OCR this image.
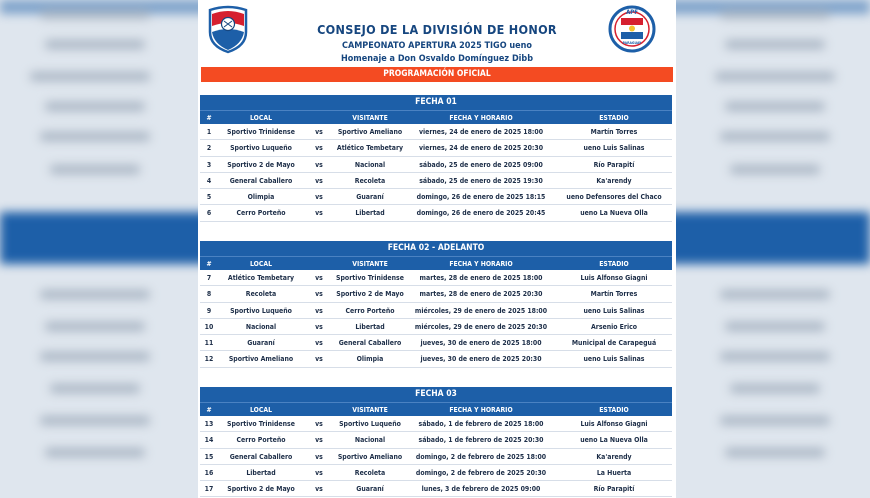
APF
PARAGUAY
CONSEJO DE LA DIVISIÓN DE HONOR
CAMPEONATO APERTURA 2025 TIGO ueno
Homenaje a Don Osvaldo Domínguez Dibb
PROGRAMACIÓN OFICIAL
FECHA 01
#	LOCAL	VISITANTE	FECHA Y HORARIO	ESTADIO
1	Sportivo Trinidense	vs	Sportivo Ameliano	viernes, 24 de enero de 2025 18:00	Martín Torres
2	Sportivo Luqueño	vs	Atlético Tembetary	viernes, 24 de enero de 2025 20:30	ueno Luis Salinas
3	Sportivo 2 de Mayo	vs	Nacional	sábado, 25 de enero de 2025 09:00	Río Parapití
4	General Caballero	vs	Recoleta	sábado, 25 de enero de 2025 19:30	Ka'arendy
5	Olimpia	vs	Guaraní	domingo, 26 de enero de 2025 18:15	ueno Defensores del Chaco
6	Cerro Porteño	vs	Libertad	domingo, 26 de enero de 2025 20:45	ueno La Nueva Olla
FECHA 02 - ADELANTO
#	LOCAL	VISITANTE	FECHA Y HORARIO	ESTADIO
7	Atlético Tembetary	vs	Sportivo Trinidense	martes, 28 de enero de 2025 18:00	Luis Alfonso Giagni
8	Recoleta	vs	Sportivo 2 de Mayo	martes, 28 de enero de 2025 20:30	Martín Torres
9	Sportivo Luqueño	vs	Cerro Porteño	miércoles, 29 de enero de 2025 18:00	ueno Luis Salinas
10	Nacional	vs	Libertad	miércoles, 29 de enero de 2025 20:30	Arsenio Erico
11	Guaraní	vs	General Caballero	jueves, 30 de enero de 2025 18:00	Municipal de Carapeguá
12	Sportivo Ameliano	vs	Olimpia	jueves, 30 de enero de 2025 20:30	ueno Luis Salinas
FECHA 03
#	LOCAL	VISITANTE	FECHA Y HORARIO	ESTADIO
13	Sportivo Trinidense	vs	Sportivo Luqueño	sábado, 1 de febrero de 2025 18:00	Luis Alfonso Giagni
14	Cerro Porteño	vs	Nacional	sábado, 1 de febrero de 2025 20:30	ueno La Nueva Olla
15	General Caballero	vs	Sportivo Ameliano	domingo, 2 de febrero de 2025 18:00	Ka'arendy
16	Libertad	vs	Recoleta	domingo, 2 de febrero de 2025 20:30	La Huerta
17	Sportivo 2 de Mayo	vs	Guaraní	lunes, 3 de febrero de 2025 09:00	Río Parapití
